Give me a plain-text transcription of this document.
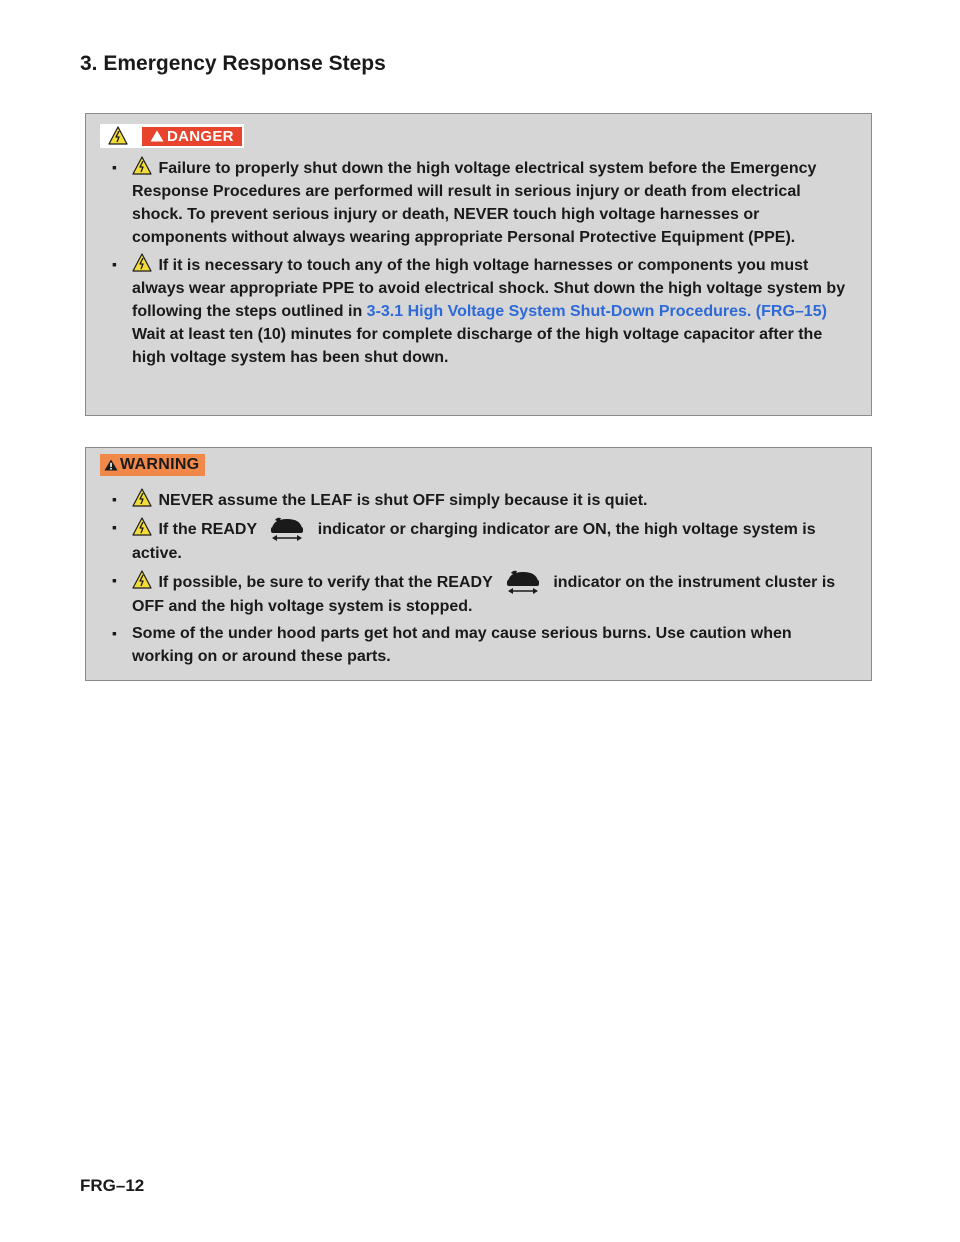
3. Emergency Response Steps
DANGER
▪ Failure to properly shut down the high voltage electrical system before the Emergency Response Procedures are performed will result in serious injury or death from electrical shock. To prevent serious injury or death, NEVER touch high voltage harnesses or components without always wearing appropriate Personal Protective Equipment (PPE).
▪ If it is necessary to touch any of the high voltage harnesses or components you must always wear appropriate PPE to avoid electrical shock. Shut down the high voltage system by following the steps outlined in 3-3.1 High Voltage System Shut-Down Procedures. (FRG–15) Wait at least ten (10) minutes for complete discharge of the high voltage capacitor after the high voltage system has been shut down.
WARNING
▪ NEVER assume the LEAF is shut OFF simply because it is quiet.
▪ If the READY	indicator or charging indicator are ON, the high voltage system is active.
▪ If possible, be sure to verify that the READY	indicator on the instrument cluster is OFF and the high voltage system is stopped.
▪ Some of the under hood parts get hot and may cause serious burns. Use caution when working on or around these parts.
FRG–12
